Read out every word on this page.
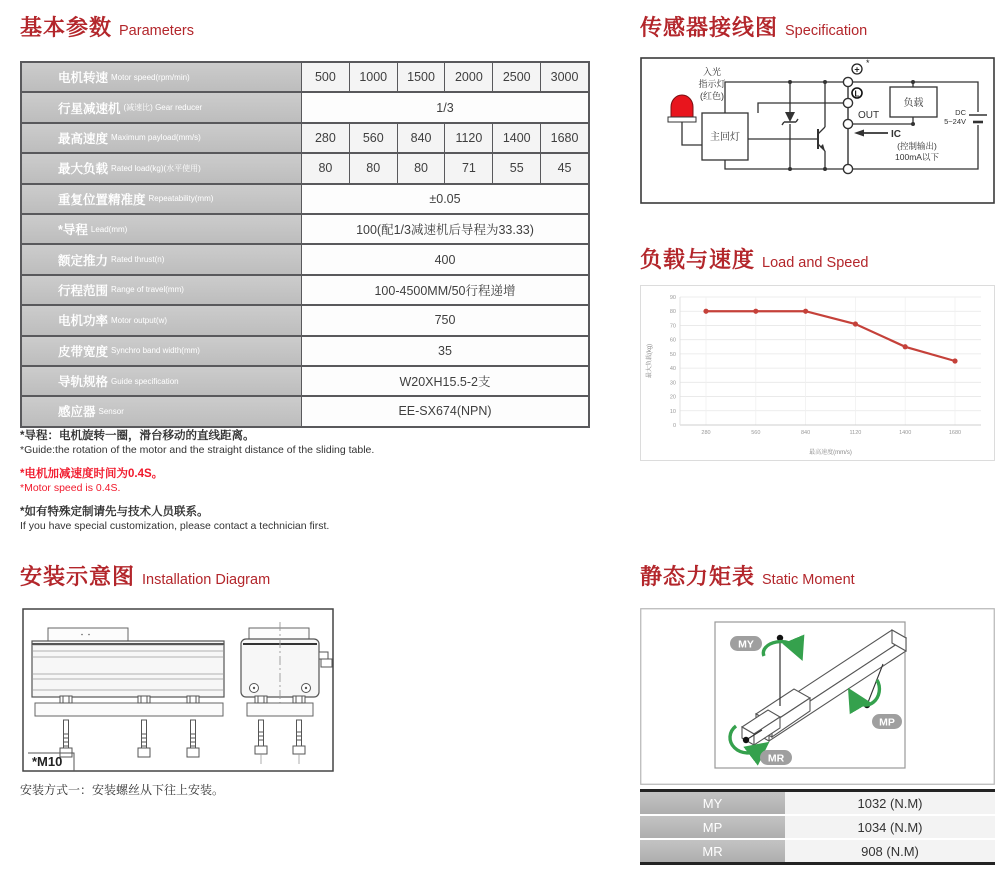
基本参数 Parameters
电机转速 Motor speed(rpm/min)	500	1000	1500	2000	2500	3000
行星减速机 (减速比) Gear reducer	1/3
最高速度 Maximum payload(mm/s)	280	560	840	1120	1400	1680
最大负载 Rated load(kg)(水平使用)	80	80	80	71	55	45
重复位置精准度 Repeatability(mm)	±0.05
*导程 Lead(mm)	100(配1/3减速机后导程为33.33)
额定推力 Rated thrust(n)	400
行程范围 Range of travel(mm)	100-4500MM/50行程递增
电机功率 Motor output(w)	750
皮带宽度 Synchro band width(mm)	35
导轨规格 Guide specification	W20XH15.5-2支
感应器 Sensor	EE-SX674(NPN)
*导程：电机旋转一圈，滑台移动的直线距离。
*Guide:the rotation of the motor and the straight distance of the sliding table.
*电机加减速度时间为0.4S。
*Motor speed is 0.4S.
*如有特殊定制请先与技术人员联系。
If you have special customization, please contact a technician first.
传感器接线图 Specification
入光
指示灯
(红色)
主回灯
+
*
L
OUT
IC
负载
(控制输出)
100mA以下
DC
5~24V
负载与速度 Load and Speed
0
10
20
30
40
50
60
70
80
90
280	560	840	1120	1400	1680
最高速度(mm/s)
最大负载(kg)
安装示意图 Installation Diagram
*M10
安装方式一：安装螺丝从下往上安装。
静态力矩表 Static Moment
MY
MP
MR
MY	1032 (N.M)
MP	1034 (N.M)
MR	908 (N.M)
